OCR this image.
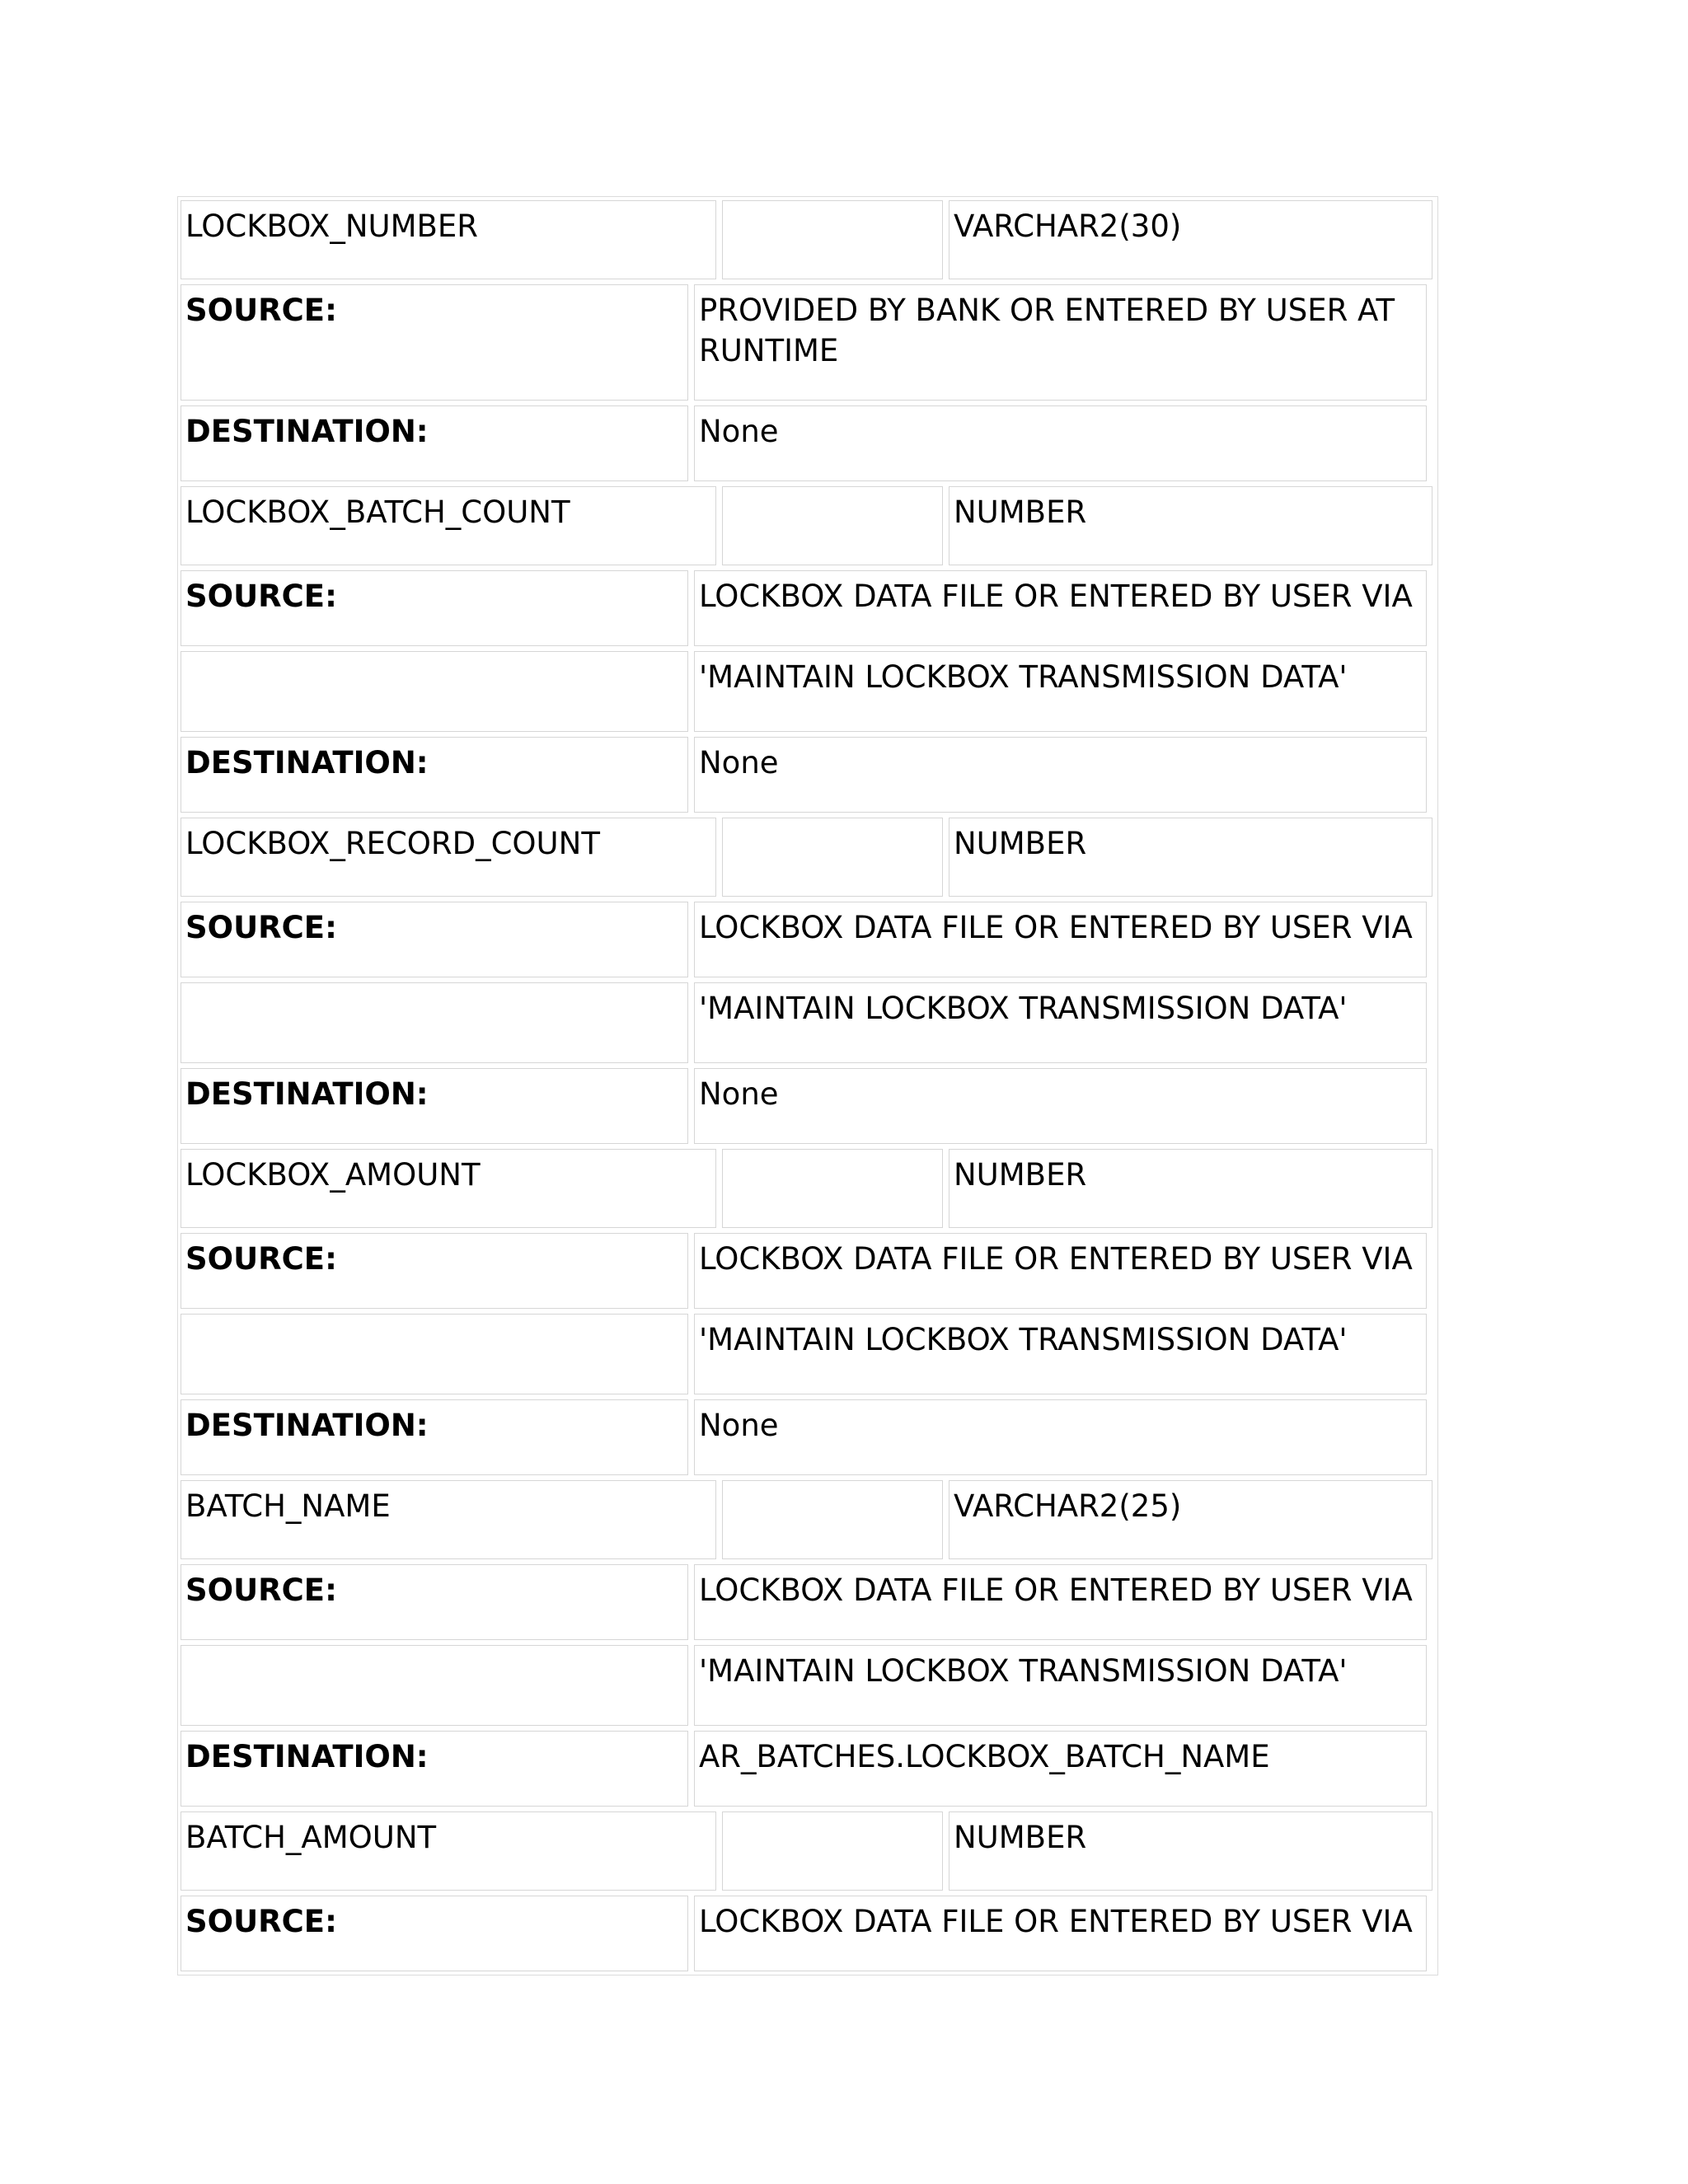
LOCKBOX_NUMBER	VARCHAR2(30)
SOURCE:	PROVIDED BY BANK OR ENTERED BY USER AT RUNTIME
DESTINATION:	None
LOCKBOX_BATCH_COUNT	NUMBER
SOURCE:	LOCKBOX DATA FILE OR ENTERED BY USER VIA
'MAINTAIN LOCKBOX TRANSMISSION DATA'
DESTINATION:	None
LOCKBOX_RECORD_COUNT	NUMBER
SOURCE:	LOCKBOX DATA FILE OR ENTERED BY USER VIA
'MAINTAIN LOCKBOX TRANSMISSION DATA'
DESTINATION:	None
LOCKBOX_AMOUNT	NUMBER
SOURCE:	LOCKBOX DATA FILE OR ENTERED BY USER VIA
'MAINTAIN LOCKBOX TRANSMISSION DATA'
DESTINATION:	None
BATCH_NAME	VARCHAR2(25)
SOURCE:	LOCKBOX DATA FILE OR ENTERED BY USER VIA
'MAINTAIN LOCKBOX TRANSMISSION DATA'
DESTINATION:	AR_BATCHES.LOCKBOX_BATCH_NAME
BATCH_AMOUNT	NUMBER
SOURCE:	LOCKBOX DATA FILE OR ENTERED BY USER VIA
